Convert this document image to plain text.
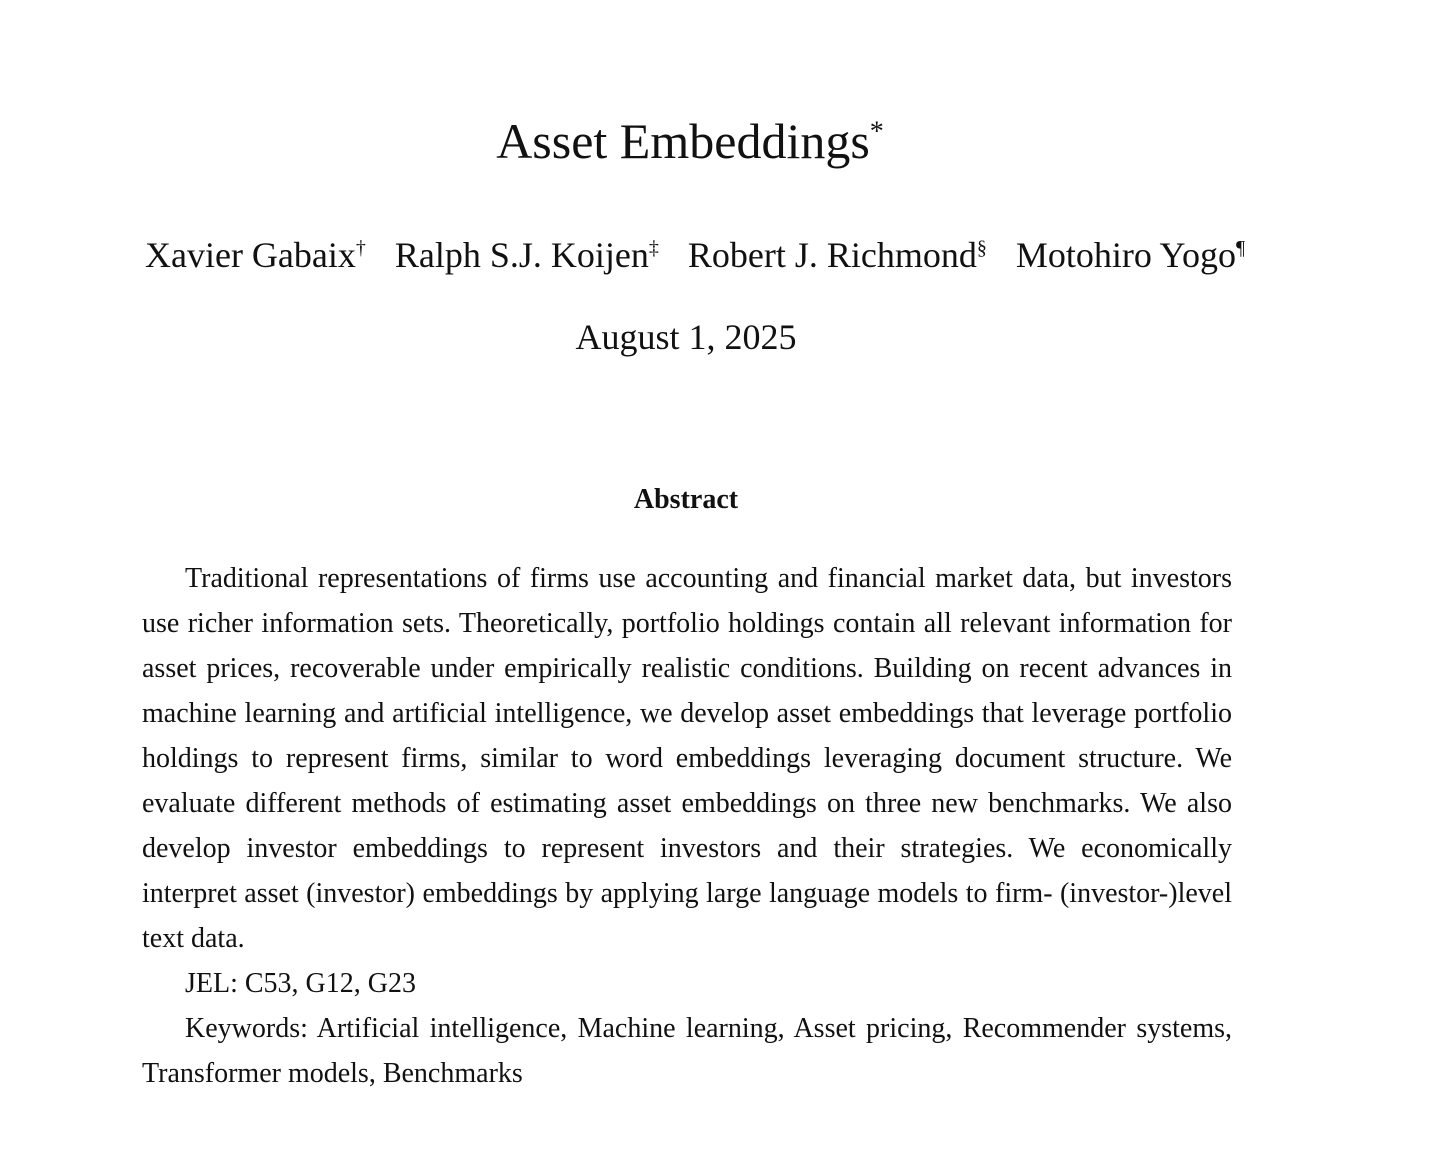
Asset Embeddings*
Xavier Gabaix† Ralph S.J. Koijen‡ Robert J. Richmond§ Motohiro Yogo¶
August 1, 2025
Abstract

Traditional representations of firms use accounting and financial market data, but investors use richer information sets. Theoretically, portfolio holdings contain all relevant information for asset prices, recoverable under empirically realistic conditions. Building on recent advances in machine learning and artificial intelligence, we develop asset embeddings that leverage portfolio holdings to represent firms, similar to word embeddings leveraging document structure. We evaluate different methods of estimating asset embeddings on three new benchmarks. We also develop investor embeddings to represent investors and their strategies. We economically interpret asset (investor) embeddings by applying large language models to firm- (investor-)level text data.

JEL: C53, G12, G23

Keywords: Artificial intelligence, Machine learning, Asset pricing, Recommender systems, Transformer models, Benchmarks
